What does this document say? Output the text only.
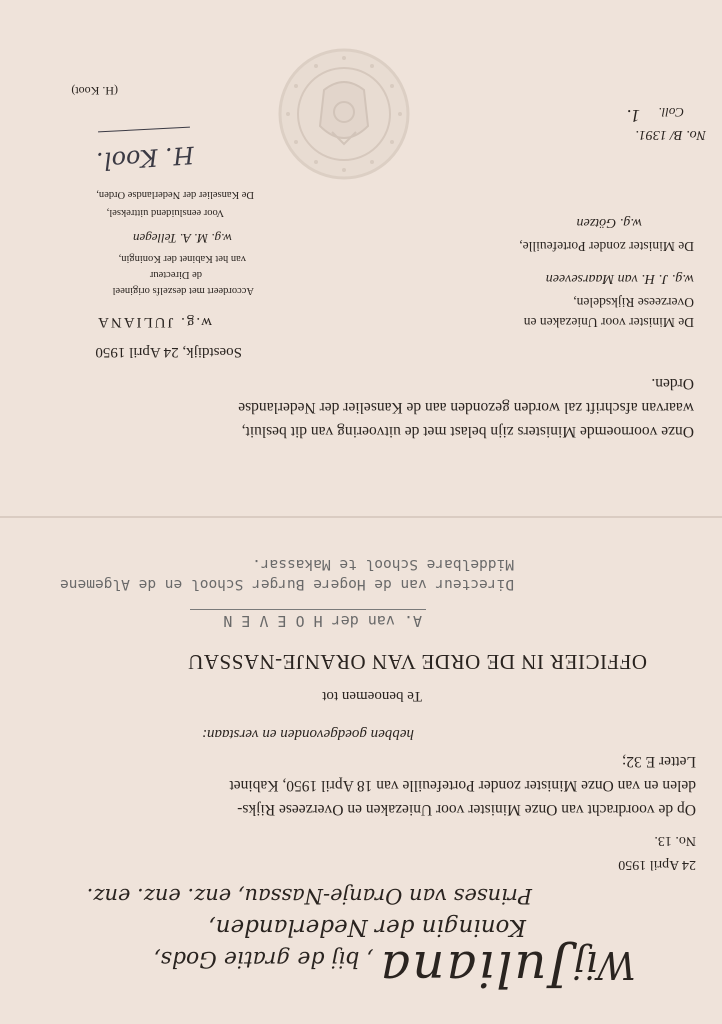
Wij Juliana , bij de gratie Gods,
Koningin der Nederlanden,
Prinses van Oranje-Nassau, enz. enz. enz.
24 April 1950
No. 13.
Op de voordracht van Onze Minister voor Uniezaken en Overzeese Rijks-
delen en van Onze Minister zonder Portefeuille van 18 April 1950, Kabinet
Letter E 32;
hebben goedgevonden en verstaan:
Te benoemen tot
OFFICIER IN DE ORDE VAN ORANJE-NASSAU
A. van der H O E V E N
Directeur van de Hogere Burger School en de Algemene
Middelbare School te Makassar.
Onze voornoemde Ministers zijn belast met de uitvoering van dit besluit,
waarvan afschrift zal worden gezonden aan de Kanselier der Nederlandse
Orden.
Soestdijk, 24 April 1950
w.g. JULIANA	De Minister voor Uniezaken en
Overzeese Rijksdelen,
w.g. J. H. van Maarseveen
De Minister zonder Portefeuille,
w.g. Götzen
Accordeert met deszelfs origineel
de Directeur
van het Kabinet der Koningin,
w.g. M. A. Tellegen
Voor eensluidend uittreksel,
De Kanselier der Nederlandse Orden,
H. Kool.
(H. Koot)
No. B/ 1391.
Coll.
1.
